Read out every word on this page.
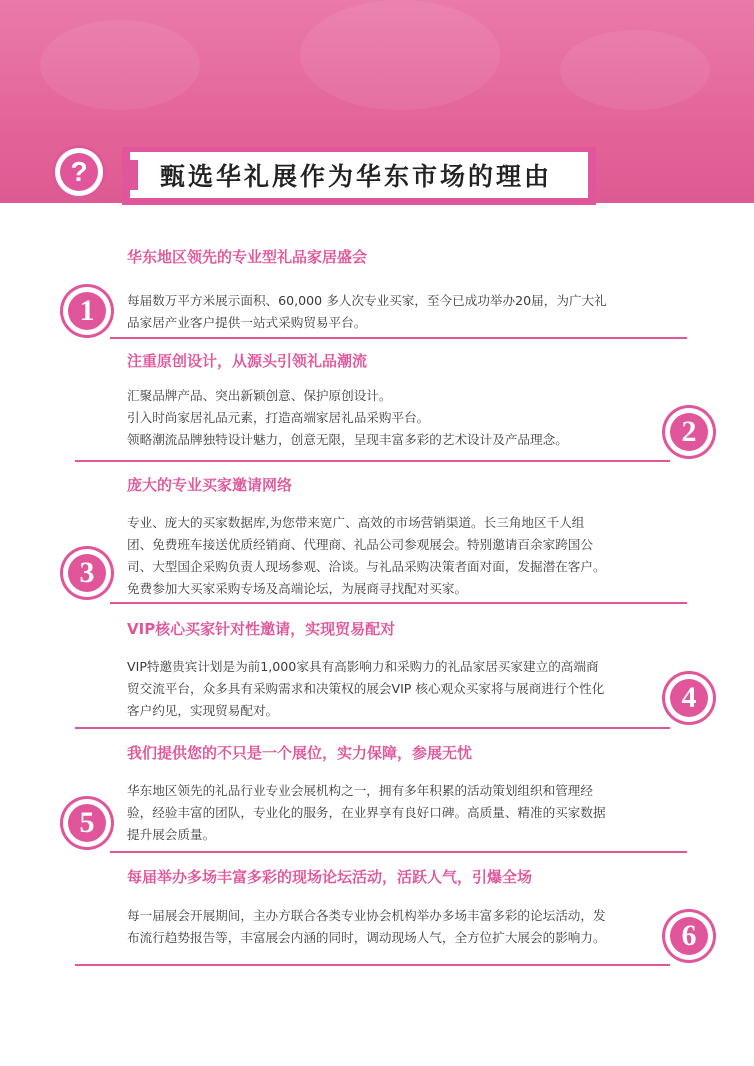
甄选华礼展作为华东市场的理由
?
华东地区领先的专业型礼品家居盛会

每届数万平方米展示面积、60,000 多人次专业买家，至今已成功举办20届，为广大礼

品家居产业客户提供一站式采购贸易平台。

1
注重原创设计，从源头引领礼品潮流

汇聚品牌产品、突出新颖创意、保护原创设计。

引入时尚家居礼品元素，打造高端家居礼品采购平台。

领略潮流品牌独特设计魅力，创意无限，呈现丰富多彩的艺术设计及产品理念。	2
庞大的专业买家邀请网络

专业、庞大的买家数据库,为您带来宽广、高效的市场营销渠道。长三角地区千人组

团、免费班车接送优质经销商、代理商、礼品公司参观展会。特别邀请百余家跨国公

司、大型国企采购负责人现场参观、洽谈。与礼品采购决策者面对面，发掘潜在客户。

免费参加大买家采购专场及高端论坛，为展商寻找配对买家。

3
VIP核心买家针对性邀请，实现贸易配对

VIP特邀贵宾计划是为前1,000家具有高影响力和采购力的礼品家居买家建立的高端商

贸交流平台，众多具有采购需求和决策权的展会VIP 核心观众买家将与展商进行个性化

客户约见，实现贸易配对。	4
我们提供您的不只是一个展位，实力保障，参展无忧

华东地区领先的礼品行业专业会展机构之一，拥有多年积累的活动策划组织和管理经

验，经验丰富的团队，专业化的服务，在业界享有良好口碑。高质量、精准的买家数据

提升展会质量。

5
每届举办多场丰富多彩的现场论坛活动，活跃人气，引爆全场

每一届展会开展期间，主办方联合各类专业协会机构举办多场丰富多彩的论坛活动，发

布流行趋势报告等，丰富展会内涵的同时，调动现场人气，全方位扩大展会的影响力。	6
